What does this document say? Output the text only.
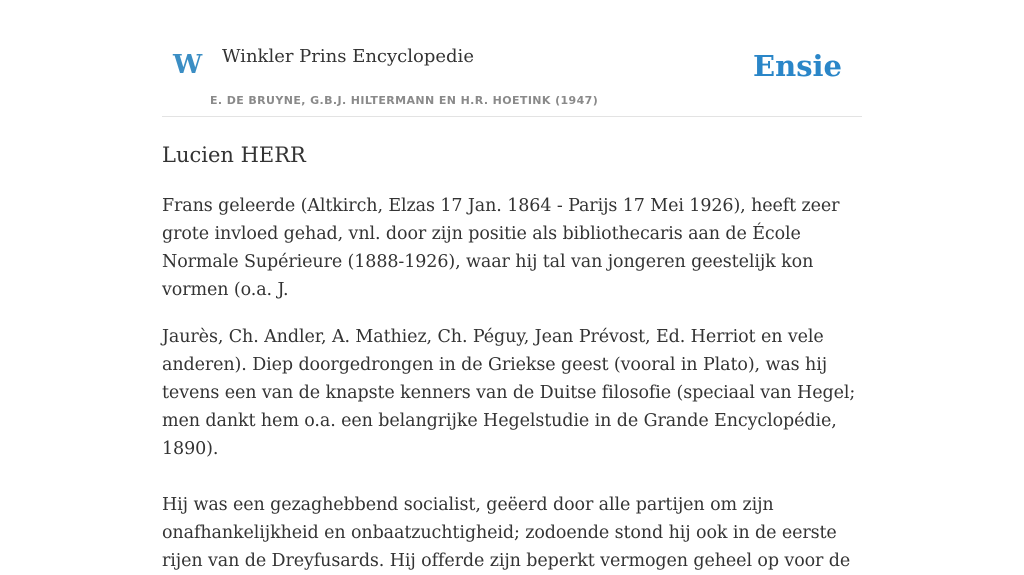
W Winkler Prins Encyclopedie
E. DE BRUYNE, G.B.J. HILTERMANN EN H.R. HOETINK (1947)
Ensie
Lucien HERR

Frans geleerde (Altkirch, Elzas 17 Jan. 1864 - Parijs 17 Mei 1926), heeft zeer grote invloed gehad, vnl. door zijn positie als bibliothecaris aan de École Normale Supérieure (1888-1926), waar hij tal van jongeren geestelijk kon vormen (o.a. J.

Jaurès, Ch. Andler, A. Mathiez, Ch. Péguy, Jean Prévost, Ed. Herriot en vele anderen). Diep doorgedrongen in de Griekse geest (vooral in Plato), was hij tevens een van de knapste kenners van de Duitse filosofie (speciaal van Hegel; men dankt hem o.a. een belangrijke Hegelstudie in de Grande Encyclopédie, 1890).

Hij was een gezaghebbend socialist, geëerd door alle partijen om zijn onafhankelijkheid en onbaatzuchtigheid; zodoende stond hij ook in de eerste rijen van de Dreyfusards. Hij offerde zijn beperkt vermogen geheel op voor de
